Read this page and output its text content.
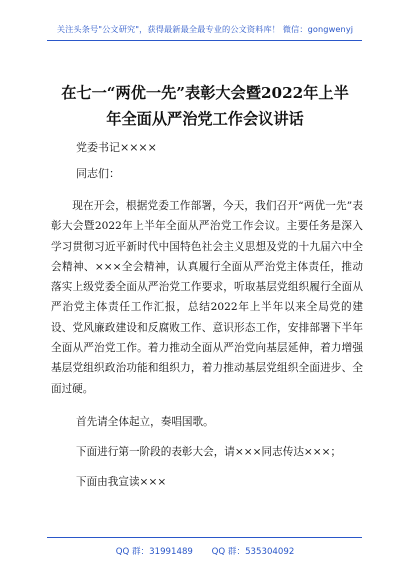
关注头条号"公文研究"，获得最新最全最专业的公文资料库！ 微信：gongwenyj
在七一“两优一先”表彰大会暨2022年上半
年全面从严治党工作会议讲话
党委书记××××
同志们：
现在开会，根据党委工作部署，今天，我们召开“两优一先”表彰大会暨2022年上半年全面从严治党工作会议。主要任务是深入学习贯彻习近平新时代中国特色社会主义思想及党的十九届六中全会精神、×××全会精神，认真履行全面从严治党主体责任，推动落实上级党委全面从严治党工作要求，听取基层党组织履行全面从严治党主体责任工作汇报，总结2022年上半年以来全局党的建设、党风廉政建设和反腐败工作、意识形态工作，安排部署下半年全面从严治党工作。着力推动全面从严治党向基层延伸，着力增强基层党组织政治功能和组织力，着力推动基层党组织全面进步、全面过硬。
首先请全体起立，奏唱国歌。
下面进行第一阶段的表彰大会，请×××同志传达×××；
下面由我宣读×××
QQ 群：31991489 QQ 群：535304092
